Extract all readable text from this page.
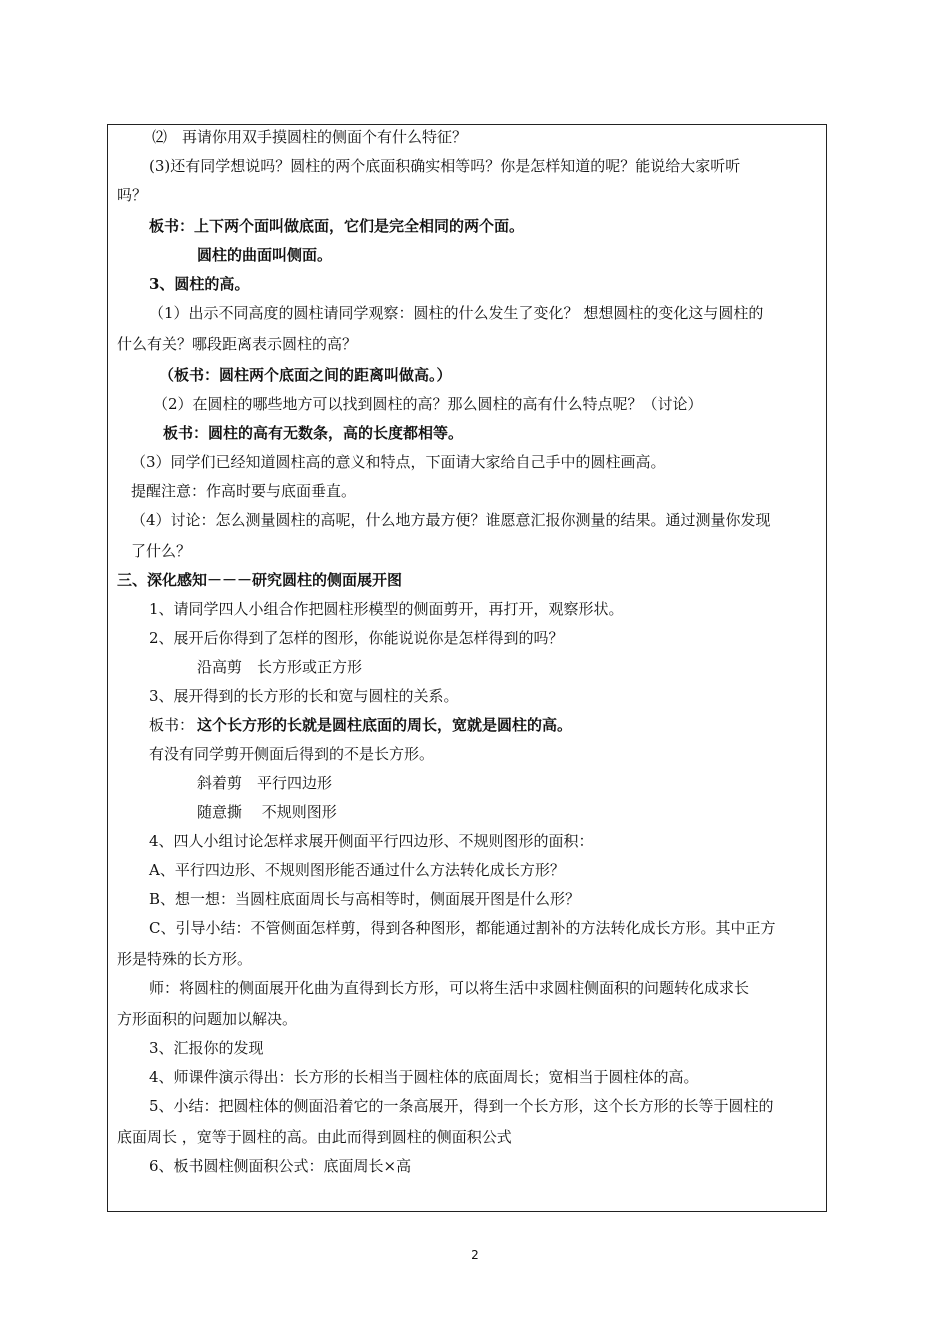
⑵　再请你用双手摸圆柱的侧面个有什么特征？
(3)还有同学想说吗？圆柱的两个底面积确实相等吗？你是怎样知道的呢？能说给大家听听
吗？
板书：上下两个面叫做底面，它们是完全相同的两个面。
圆柱的曲面叫侧面。
3、圆柱的高。
（1）出示不同高度的圆柱请同学观察：圆柱的什么发生了变化？ 想想圆柱的变化这与圆柱的
什么有关？哪段距离表示圆柱的高？
（板书：圆柱两个底面之间的距离叫做高。）
（2）在圆柱的哪些地方可以找到圆柱的高？那么圆柱的高有什么特点呢？（讨论）
板书：圆柱的高有无数条，高的长度都相等。
（3）同学们已经知道圆柱高的意义和特点，下面请大家给自己手中的圆柱画高。
提醒注意：作高时要与底面垂直。
（4）讨论：怎么测量圆柱的高呢，什么地方最方便？谁愿意汇报你测量的结果。通过测量你发现
了什么？
三、深化感知－－－研究圆柱的侧面展开图
1、请同学四人小组合作把圆柱形模型的侧面剪开，再打开，观察形状。
2、展开后你得到了怎样的图形，你能说说你是怎样得到的吗？
沿高剪　长方形或正方形
3、展开得到的长方形的长和宽与圆柱的关系。
板书： 这个长方形的长就是圆柱底面的周长，宽就是圆柱的高。
有没有同学剪开侧面后得到的不是长方形。
斜着剪　平行四边形
随意撕　 不规则图形
4、四人小组讨论怎样求展开侧面平行四边形、不规则图形的面积：
A、平行四边形、不规则图形能否通过什么方法转化成长方形？
B、想一想：当圆柱底面周长与高相等时，侧面展开图是什么形？
C、引导小结：不管侧面怎样剪，得到各种图形，都能通过割补的方法转化成长方形。其中正方
形是特殊的长方形。
师：将圆柱的侧面展开化曲为直得到长方形，可以将生活中求圆柱侧面积的问题转化成求长
方形面积的问题加以解决。
3、汇报你的发现
4、师课件演示得出：长方形的长相当于圆柱体的底面周长；宽相当于圆柱体的高。
5、小结：把圆柱体的侧面沿着它的一条高展开，得到一个长方形，这个长方形的长等于圆柱的
底面周长 ，宽等于圆柱的高。由此而得到圆柱的侧面积公式
6、板书圆柱侧面积公式：底面周长×高
2
